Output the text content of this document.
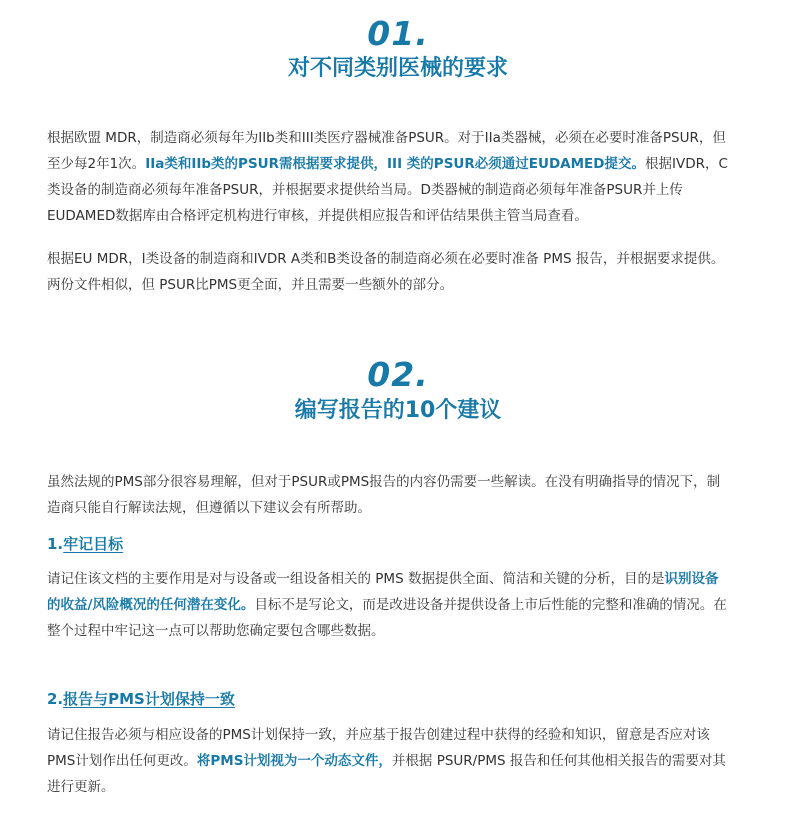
01.
对不同类别医械的要求

根据欧盟 MDR，制造商必须每年为IIb类和III类医疗器械准备PSUR。对于IIa类器械，必须在必要时准备PSUR，但至少每2年1次。IIa类和IIb类的PSUR需根据要求提供，III 类的PSUR必须通过EUDAMED提交。根据IVDR，C类设备的制造商必须每年准备PSUR，并根据要求提供给当局。D类器械的制造商必须每年准备PSUR并上传EUDAMED数据库由合格评定机构进行审核，并提供相应报告和评估结果供主管当局查看。

根据EU MDR，I类设备的制造商和IVDR A类和B类设备的制造商必须在必要时准备 PMS 报告，并根据要求提供。两份文件相似，但 PSUR比PMS更全面，并且需要一些额外的部分。

02.
编写报告的10个建议

虽然法规的PMS部分很容易理解，但对于PSUR或PMS报告的内容仍需要一些解读。在没有明确指导的情况下，制造商只能自行解读法规，但遵循以下建议会有所帮助。

1.牢记目标

请记住该文档的主要作用是对与设备或一组设备相关的 PMS 数据提供全面、简洁和关键的分析，目的是识别设备的收益/风险概况的任何潜在变化。目标不是写论文，而是改进设备并提供设备上市后性能的完整和准确的情况。在整个过程中牢记这一点可以帮助您确定要包含哪些数据。

2.报告与PMS计划保持一致

请记住报告必须与相应设备的PMS计划保持一致，并应基于报告创建过程中获得的经验和知识，留意是否应对该PMS计划作出任何更改。将PMS计划视为一个动态文件，并根据 PSUR/PMS 报告和任何其他相关报告的需要对其进行更新。
